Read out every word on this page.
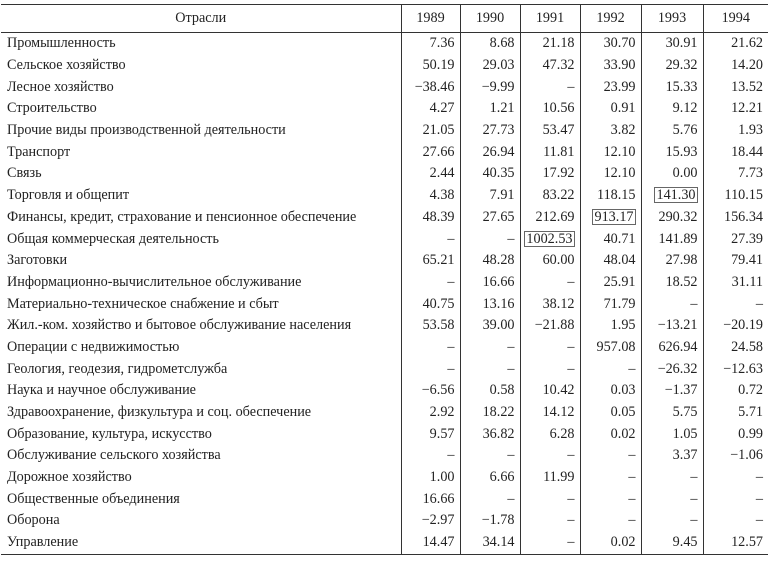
Отрасли	1989	1990	1991	1992	1993	1994
Промышленность	7.36	8.68	21.18	30.70	30.91	21.62
Сельское хозяйство	50.19	29.03	47.32	33.90	29.32	14.20
Лесное хозяйство	−38.46	−9.99	–	23.99	15.33	13.52
Строительство	4.27	1.21	10.56	0.91	9.12	12.21
Прочие виды производственной деятельности	21.05	27.73	53.47	3.82	5.76	1.93
Транспорт	27.66	26.94	11.81	12.10	15.93	18.44
Связь	2.44	40.35	17.92	12.10	0.00	7.73
Торговля и общепит	4.38	7.91	83.22	118.15	141.30	110.15
Финансы, кредит, страхование и пенсионное обеспечение	48.39	27.65	212.69	913.17	290.32	156.34
Общая коммерческая деятельность	–	–	1002.53	40.71	141.89	27.39
Заготовки	65.21	48.28	60.00	48.04	27.98	79.41
Информационно-вычислительное обслуживание	–	16.66	–	25.91	18.52	31.11
Материально-техническое снабжение и сбыт	40.75	13.16	38.12	71.79	–	–
Жил.-ком. хозяйство и бытовое обслуживание населения	53.58	39.00	−21.88	1.95	−13.21	−20.19
Операции с недвижимостью	–	–	–	957.08	626.94	24.58
Геология, геодезия, гидрометслужба	–	–	–	–	−26.32	−12.63
Наука и научное обслуживание	−6.56	0.58	10.42	0.03	−1.37	0.72
Здравоохранение, физкультура и соц. обеспечение	2.92	18.22	14.12	0.05	5.75	5.71
Образование, культура, искусство	9.57	36.82	6.28	0.02	1.05	0.99
Обслуживание сельского хозяйства	–	–	–	–	3.37	−1.06
Дорожное хозяйство	1.00	6.66	11.99	–	–	–
Общественные объединения	16.66	–	–	–	–	–
Оборона	−2.97	−1.78	–	–	–	–
Управление	14.47	34.14	–	0.02	9.45	12.57
